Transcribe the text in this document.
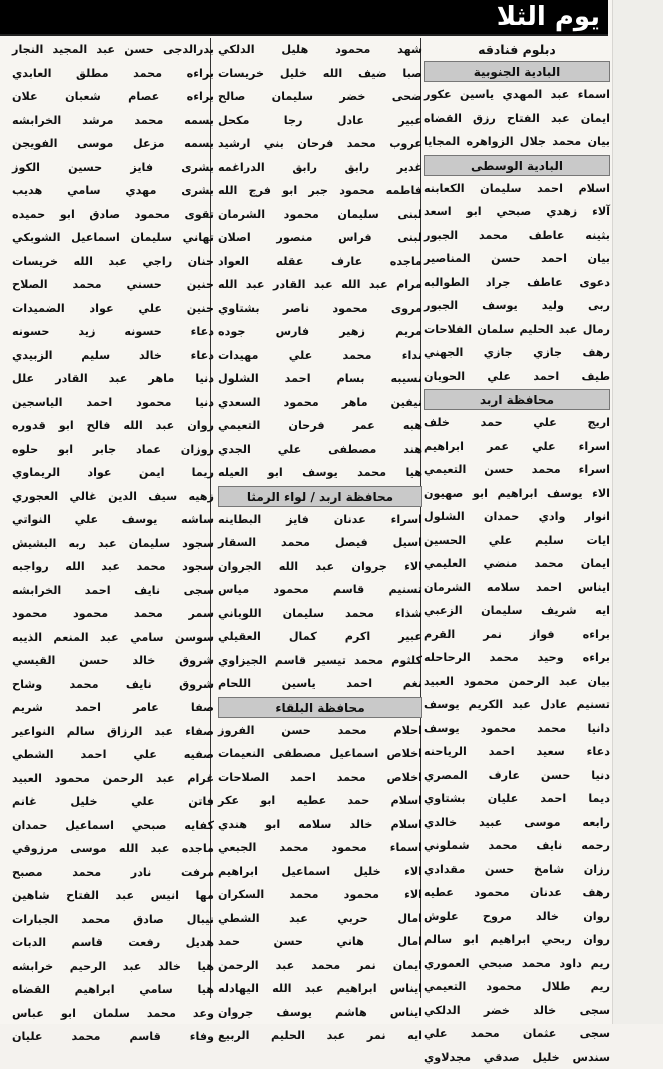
يوم الثلا
دبلوم فنادقه
البادية الجنوبية
اسماء عبد المهدي ياسين عكور
ايمان عبد الفتاح رزق القضاه
بيان محمد جلال الزواهره المجايا
البادية الوسطى
اسلام احمد سليمان الكعابنه
آلاء زهدي صبحي ابو اسعد
بثينه عاطف محمد الجبور
بيان احمد حسن المناصير
دعوى عاطف جراد الطوالبه
ربى وليد يوسف الجبور
رمال عبد الحليم سلمان الفلاحات
رهف جازي جازي الجهني
طيف احمد علي الحويان
محافظة اربد
اريج علي حمد خلف
اسراء علي عمر ابراهيم
اسراء محمد حسن التعيمي
الاء يوسف ابراهيم ابو صهيون
انوار وادي حمدان الشلول
ايات سليم علي الحسين
ايمان محمد منضي العليمي
ايناس احمد سلامه الشرمان
ايه شريف سليمان الزعبي
براءه فواز نمر القرم
براءه وحيد محمد الرحاحله
بيان عبد الرحمن محمود العبيد
تسنيم عادل عبد الكريم يوسف
دانيا محمد محمود يوسف
دعاء سعيد احمد الرياحنه
دنيا حسن عارف المصري
ديما احمد عليان بشتاوي
رابعه موسى عبيد خالدي
رحمه نايف محمد شملوني
رزان شامخ حسن مقدادي
رهف عدنان محمود عطيه
روان خالد مروح علوش
روان ربحي ابراهيم ابو سالم
ريم داود محمد صبحي العموري
ريم طلال محمود التعيمي
سجى خالد خضر الدلكي
سجى عثمان محمد علي
سندس خليل صدقي مجدلاوي
شهد محمود هليل الدلكي
صبا ضيف الله خليل خريسات
ضحى خضر سليمان صالح
عبير عادل رجا مكحل
عروب محمد فرحان بني ارشيد
غدير رابق رابق الدراغمه
فاطمه محمود جبر ابو فرج الله
لبنى سليمان محمود الشرمان
لبنى فراس منصور اصلان
ماجده عارف عقله العواد
مرام عبد الله عبد القادر عبد الله
مروى محمود ناصر بشتاوي
مريم زهير فارس جوده
نداء محمد علي مهيدات
نسيبه بسام احمد الشلول
نيفين ماهر محمود السعدي
هبه عمر فرحان التعيمي
هند مصطفى علي الجدي
هيا محمد يوسف ابو العيله
محافظة اربد / لواء الرمثا
اسراء عدنان فايز البطاينه
اسيل فيصل محمد السقار
الاء جروان عبد الله الجروان
تسنيم قاسم محمود مياس
شذاء محمد سليمان اللوباني
عبير اكرم كمال العقيلي
كلثوم محمد تيسير قاسم الجيزاوي
نغم احمد ياسين اللحام
محافظة البلقاء
احلام محمد حسن الفروز
اخلاص اسماعيل مصطفى النعيمات
اخلاص محمد احمد الصلاحات
اسلام حمد عطيه ابو عكر
اسلام خالد سلامه ابو هندي
اسماء محمود محمد الجبعي
الاء خليل اسماعيل ابراهيم
الاء محمود محمد السكران
امال حربي عبد الشطي
امال هاني حسن حمد
ايمان نمر محمد عبد الرحمن
ايناس ابراهيم عبد الله اليهادله
ايناس هاشم يوسف جروان
ايه نمر عبد الحليم الربيع
بدرالدجى حسن عبد المجيد النجار
براءه محمد مطلق العابدي
براءه عصام شعبان علان
بسمه محمد مرشد الخرابشه
بسمه مزعل موسى الفويجن
بشرى فايز حسين الكوز
بشرى مهدي سامي هديب
تقوى محمود صادق ابو حميده
تهاني سليمان اسماعيل الشوبكي
حنان راجي عبد الله خريسات
حنين حسني محمد الصلاح
حنين علي عواد الضميدات
دعاء حسونه زيد حسونه
دعاء خالد سليم الزبيدي
دنيا ماهر عبد القادر علل
دنيا محمود احمد الياسجين
روان عبد الله فالح ابو قدوره
روزان عماد جابر ابو حلوه
ريما ايمن عواد الريماوي
زهيه سيف الدين غالي العجوري
ساشه يوسف علي النواتي
سجود سليمان عبد ربه البشيش
سجود محمد عبد الله رواجبه
سجى نايف احمد الخرابشه
سمر محمد محمود محمود
سوسن سامي عبد المنعم الذيبه
شروق خالد حسن القيسي
شروق نايف محمد وشاح
صفا عامر احمد شريم
صفاء عبد الرزاق سالم النواعير
صفيه علي احمد الشطي
غرام عبد الرحمن محمود العبيد
فاتن علي خليل غانم
كفايه صبحي اسماعيل حمدان
ماجده عبد الله موسى مرزوقي
مرفت نادر محمد مصبح
مها انيس عبد الفتاح شاهين
نيبال صادق محمد الجبارات
هديل رفعت قاسم الدبات
هيا خالد عبد الرحيم خرابشه
هيا سامي ابراهيم القضاه
وعد محمد سلمان ابو عباس
وفاء قاسم محمد عليان
